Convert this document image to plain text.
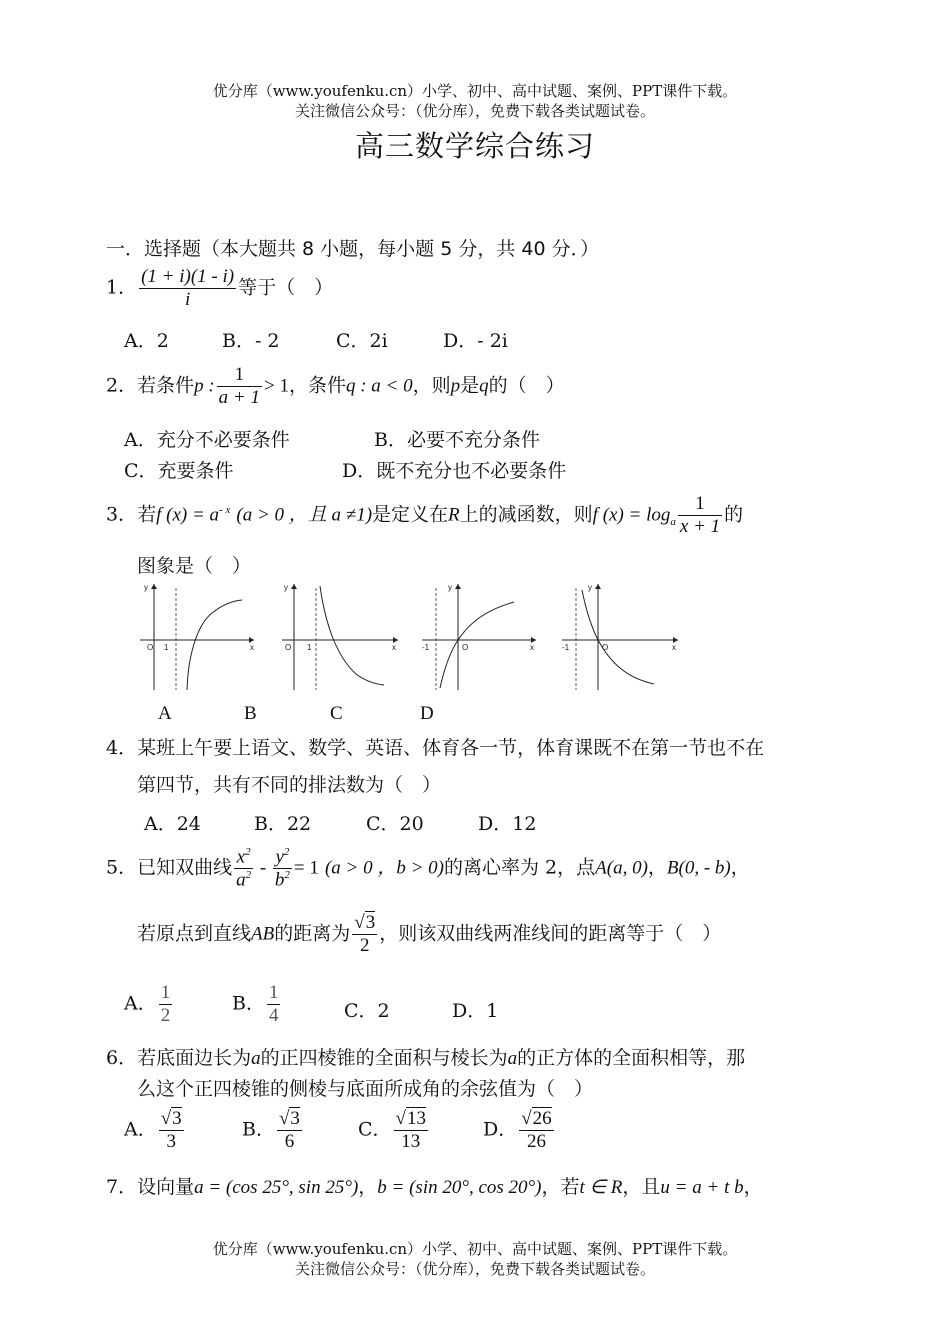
优分库（www.youfenku.cn）小学、初中、高中试题、案例、PPT课件下载。
关注微信公众号：（优分库），免费下载各类试题试卷。
高三数学综合练习
一．选择题（本大题共 8 小题，每小题 5 分，共 40 分．）
1． $\frac{(1 + i)(1 - i)}{i}$ 等于（　）
A．2	B．- 2	C．2i	D．- 2i
2．若条件p : $\frac{1}{a + 1} > 1$，条件q : a < 0，则p是q的（　）
A．充分不必要条件	B．必要不充分条件
C．充要条件	D．既不充分也不必要条件
3．若f $(x) = a^{- x}$ (a > 0 ，且 a ≠1)是定义在R上的减函数，则f $(x) = \log_a \frac{1}{x + 1}$ 的
图象是（　）
O 1	x
y
O 1	x
y
-1	O	x
y
-1	O	x
y
A	B	C	D
4．某班上午要上语文、数学、英语、体育各一节，体育课既不在第一节也不在
第四节，共有不同的排法数为（　）
A．24	B．22	C．20	D．12
5．已知双曲线 $\frac{x^2}{a^2} - \frac{y^2}{b^2} = 1$ (a > 0 ，b > 0)的离心率为 2，点A(a, 0)，B(0, - b)，
若原点到直线AB的距离为 $\frac{√3}{2}$ ，则该双曲线两准线间的距离等于（　）
A． $\frac{1}{2}$	B． $\frac{1}{4}$	C．2	D．1
6．若底面边长为a的正四棱锥的全面积与棱长为a的正方体的全面积相等，那
么这个正四棱锥的侧棱与底面所成角的余弦值为（　）
A． $\frac{√3}{3}$	B． $\frac{√3}{6}$	C． $\frac{√13}{13}$	D． $\frac{√26}{26}$
7．设向量a = (cos 25°, sin 25°)，b = (sin 20°, cos 20°)，若t ∈ R，且u = a + t b，
优分库（www.youfenku.cn）小学、初中、高中试题、案例、PPT课件下载。
关注微信公众号：（优分库），免费下载各类试题试卷。
